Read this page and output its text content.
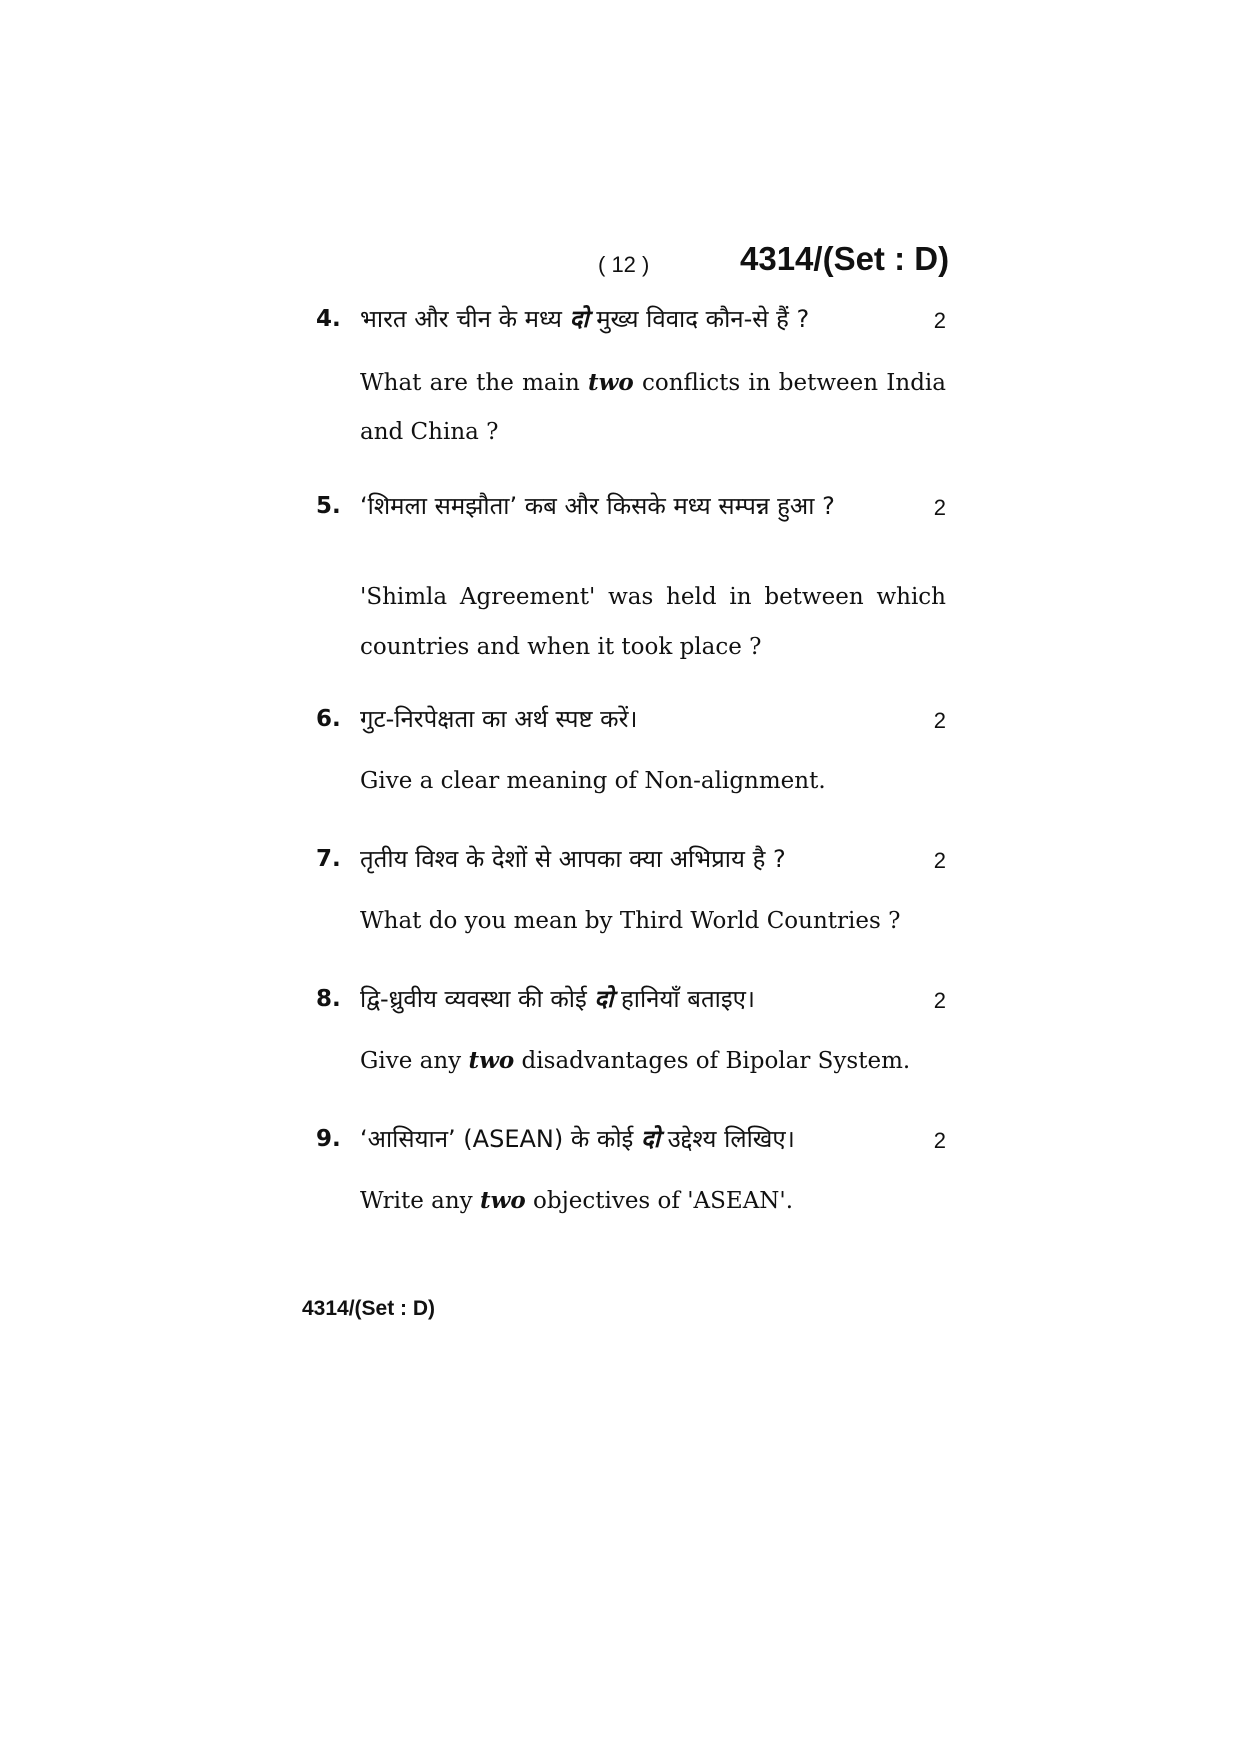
( 12 )	4314/(Set : D)
4. भारत और चीन के मध्य दो मुख्य विवाद कौन-से हैं ?	2
What are the main two conflicts in between India and China ?
5. ‘शिमला समझौता’ कब और किसके मध्य सम्पन्न हुआ ?	2
'Shimla Agreement' was held in between which countries and when it took place ?
6. गुट-निरपेक्षता का अर्थ स्पष्ट करें।	2
Give a clear meaning of Non-alignment.
7. तृतीय विश्व के देशों से आपका क्या अभिप्राय है ?	2
What do you mean by Third World Countries ?
8. द्वि-ध्रुवीय व्यवस्था की कोई दो हानियाँ बताइए।	2
Give any two disadvantages of Bipolar System.
9. ‘आसियान’ (ASEAN) के कोई दो उद्देश्य लिखिए।	2
Write any two objectives of 'ASEAN'.
4314/(Set : D)
